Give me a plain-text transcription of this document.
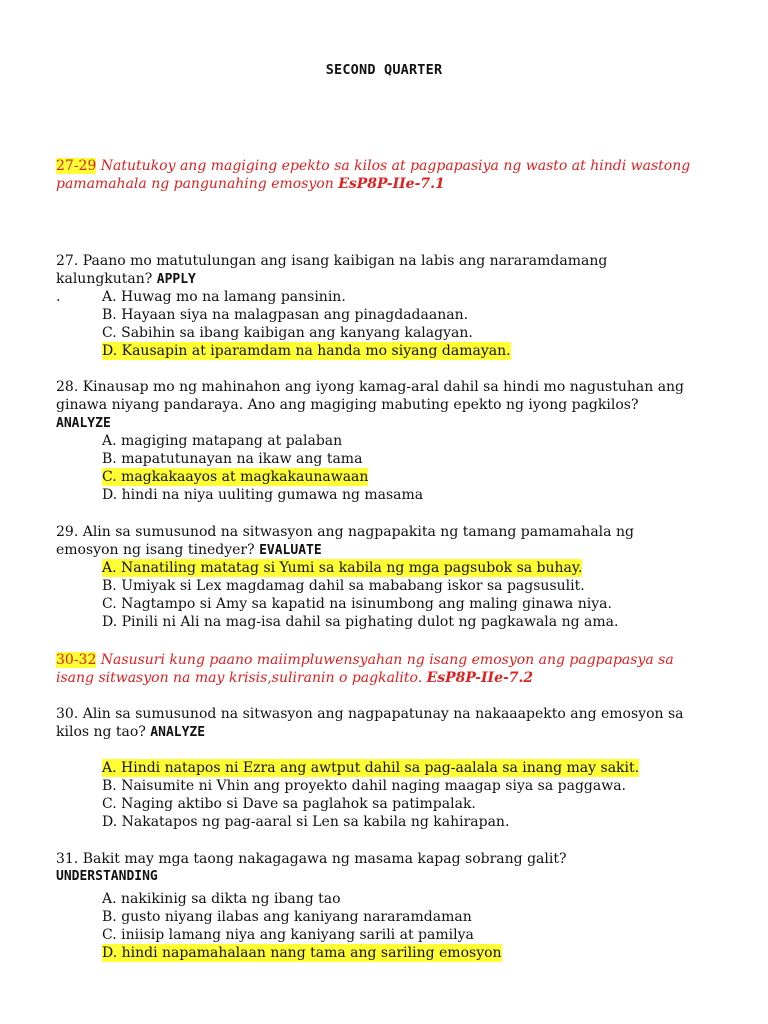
SECOND QUARTER
27-29 Natutukoy ang magiging epekto sa kilos at pagpapasiya ng wasto at hindi wastong pamamahala ng pangunahing emosyon EsP8P-IIe-7.1
27. Paano mo matutulungan ang isang kaibigan na labis ang nararamdamang kalungkutan? APPLY
.	A. Huwag mo na lamang pansinin.
B. Hayaan siya na malagpasan ang pinagdadaanan.
C. Sabihin sa ibang kaibigan ang kanyang kalagyan.
D. Kausapin at iparamdam na handa mo siyang damayan.
28. Kinausap mo ng mahinahon ang iyong kamag-aral dahil sa hindi mo nagustuhan ang ginawa niyang pandaraya. Ano ang magiging mabuting epekto ng iyong pagkilos? ANALYZE
A. magiging matapang at palaban
B. mapatutunayan na ikaw ang tama
C. magkakaayos at magkakaunawaan
D. hindi na niya uuliting gumawa ng masama
29. Alin sa sumusunod na sitwasyon ang nagpapakita ng tamang pamamahala ng emosyon ng isang tinedyer? EVALUATE
A. Nanatiling matatag si Yumi sa kabila ng mga pagsubok sa buhay.
B. Umiyak si Lex magdamag dahil sa mababang iskor sa pagsusulit.
C. Nagtampo si Amy sa kapatid na isinumbong ang maling ginawa niya.
D. Pinili ni Ali na mag-isa dahil sa pighating dulot ng pagkawala ng ama.
30-32 Nasusuri kung paano maiimpluwensyahan ng isang emosyon ang pagpapasya sa isang sitwasyon na may krisis,suliranin o pagkalito. EsP8P-IIe-7.2
30. Alin sa sumusunod na sitwasyon ang nagpapatunay na nakaaapekto ang emosyon sa kilos ng tao? ANALYZE
A. Hindi natapos ni Ezra ang awtput dahil sa pag-aalala sa inang may sakit.
B. Naisumite ni Vhin ang proyekto dahil naging maagap siya sa paggawa.
C. Naging aktibo si Dave sa paglahok sa patimpalak.
D. Nakatapos ng pag-aaral si Len sa kabila ng kahirapan.
31. Bakit may mga taong nakagagawa ng masama kapag sobrang galit?
UNDERSTANDING
A. nakikinig sa dikta ng ibang tao
B. gusto niyang ilabas ang kaniyang nararamdaman
C. iniisip lamang niya ang kaniyang sarili at pamilya
D. hindi napamahalaan nang tama ang sariling emosyon
